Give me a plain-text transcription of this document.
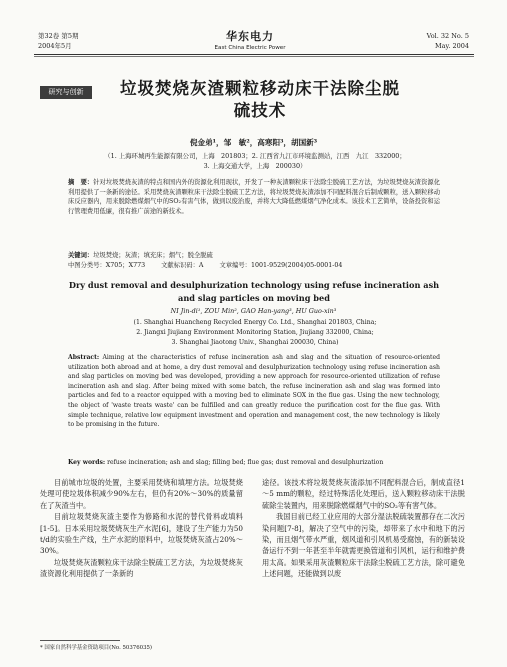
第32卷 第5期
2004年5月
华东电力
East China Electric Power
Vol. 32 No. 5
May. 2004
研究与创新	垃圾焚烧灰渣颗粒移动床干法除尘脱硫技术
倪金弟¹，邹　敏²，高寒阳³，胡国新³
（1. 上海环城再生能源有限公司，上海　201803；2. 江西省九江市环境监测站，江西　九江　332000；
3. 上海交通大学，上海　200030）
摘　要：针对垃圾焚烧灰渣的特点和国内外的资源化利用现状，开发了一种灰渣颗粒床干法除尘脱硫工艺方法，为垃圾焚烧灰渣资源化利用提供了一条新的途径。采用焚烧灰渣颗粒床干法除尘脱硫工艺方法，将垃圾焚烧灰渣添加不同配料混合后制成颗粒，送入颗粒移动床反应器内，用来脱除燃煤烟气中的SO₂有害气体，做到以废治废，并将大大降低燃煤烟气净化成本。该技术工艺简单，设备投资和运行管理费用低廉，很有推广前途的新技术。
关键词：垃圾焚烧；灰渣；填充床；烟气；脱全脱硫
中图分类号：X705；X773	文献标识码：A	文章编号：1001-9529(2004)05-0001-04
Dry dust removal and desulphurization technology using refuse incineration ash and slag particles on moving bed
NI Jin-di¹, ZOU Min², GAO Han-yang³, HU Guo-xin³
(1. Shanghai Huancheng Recycled Energy Co. Ltd., Shanghai 201803, China;
2. Jiangxi Jiujiang Environment Monitoring Station, Jiujiang 332000, China;
3. Shanghai Jiaotong Univ., Shanghai 200030, China)
Abstract: Aiming at the characteristics of refuse incineration ash and slag and the situation of resource-oriented utilization both abroad and at home, a dry dust removal and desulphurization technology using refuse incineration ash and slag particles on moving bed was developed, providing a new approach for resource-oriented utilization of refuse incineration ash and slag. After being mixed with some batch, the refuse incineration ash and slag was formed into particles and fed to a reactor equipped with a moving bed to eliminate SOX in the flue gas. Using the new technology, the object of 'waste treats waste' can be fulfilled and can greatly reduce the purification cost for the flue gas. With simple technique, relative low equipment investment and operation and management cost, the new technology is likely to be promising in the future.
Key words: refuse incineration; ash and slag; filling bed; flue gas; dust removal and desulphurization

目前城市垃圾的处置，主要采用焚烧和填埋方法。垃圾焚烧处理可使垃圾体积减少90%左右，但仍有20%～30%的质量留在了灰渣当中。

目前垃圾焚烧灰渣主要作为修路和水泥的替代骨料或填料[1-5]。日本采用垃圾焚烧灰生产水泥[6]，建设了生产能力为50 t/d的实验生产线，生产水泥的原料中，垃圾焚烧灰渣占20%～30%。

垃圾焚烧灰渣颗粒床干法除尘脱硫工艺方法，为垃圾焚烧灰渣资源化利用提供了一条新的

途径。该技术将垃圾焚烧灰渣添加不同配料混合后，制成直径1～5 mm的颗粒，经过特殊活化处理后，送入颗粒移动床干法脱硫除尘装置内，用来脱除燃煤烟气中的SO₂等有害气体。

我国目前已经工业应用的大部分湿法脱硫装置都存在二次污染问题[7-8]，解决了空气中的污染，却带来了水中和地下的污染，而且烟气带水严重，烟风道和引风机易受腐蚀，有的新装设备运行不到一年甚至半年就需更换管道和引风机，运行和维护费用太高。如果采用灰渣颗粒床干法除尘脱硫工艺方法，除可避免上述问题，还能做到以废

* 国家自然科学基金资助项目(No. 50376035)
